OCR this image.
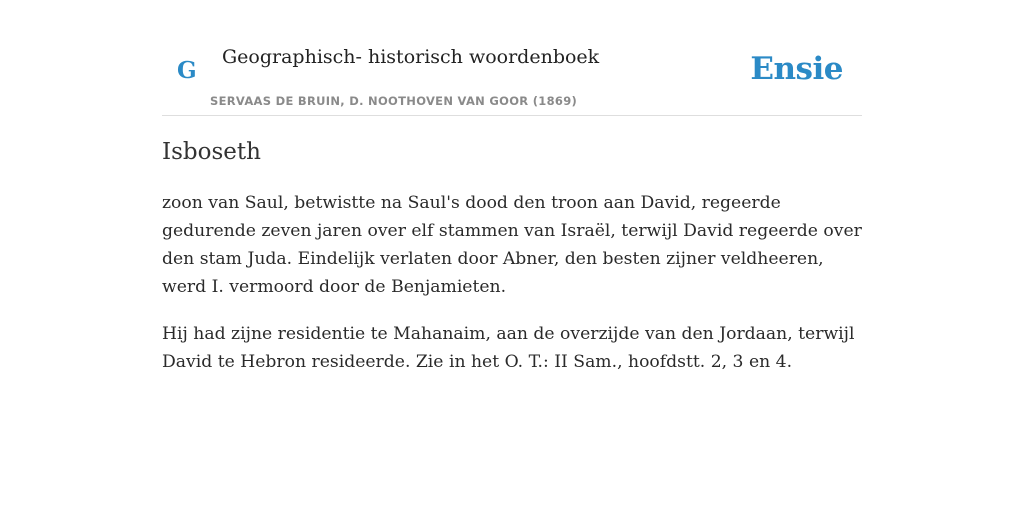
G Geographisch- historisch woordenboek
SERVAAS DE BRUIN, D. NOOTHOVEN VAN GOOR (1869)
Ensie
Isboseth

zoon van Saul, betwistte na Saul's dood den troon aan David, regeerde gedurende zeven jaren over elf stammen van Israël, terwijl David regeerde over den stam Juda. Eindelijk verlaten door Abner, den besten zijner veldheeren, werd I. vermoord door de Benjamieten.

Hij had zijne residentie te Mahanaim, aan de overzijde van den Jordaan, terwijl David te Hebron resideerde. Zie in het O. T.: II Sam., hoofdstt. 2, 3 en 4.
